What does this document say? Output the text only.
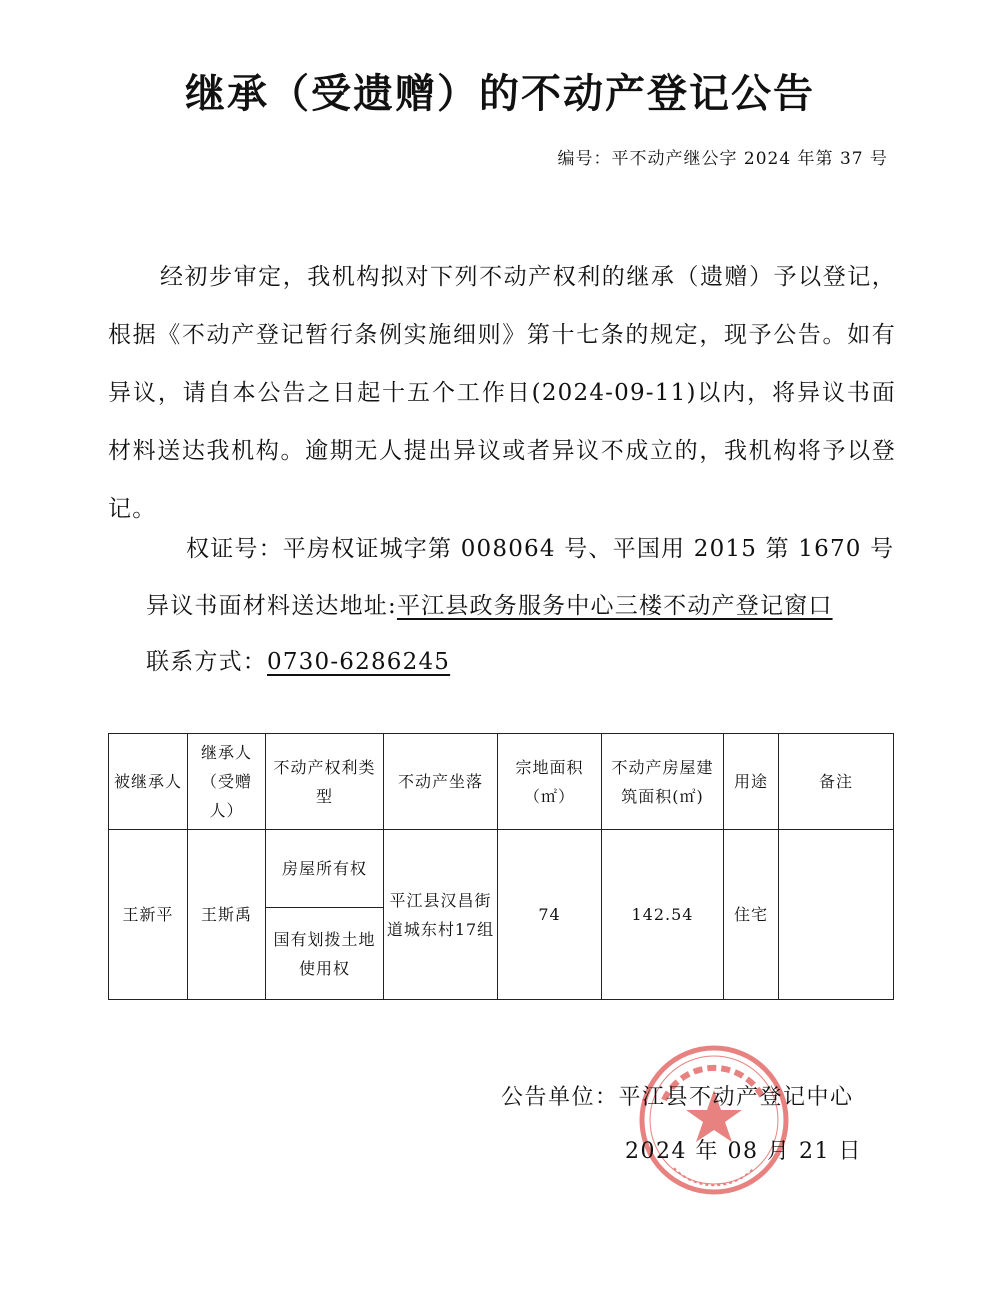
继承（受遗赠）的不动产登记公告
编号：平不动产继公字 2024 年第 37 号

经初步审定，我机构拟对下列不动产权利的继承（遗赠）予以登记，根据《不动产登记暂行条例实施细则》第十七条的规定，现予公告。如有异议，请自本公告之日起十五个工作日(2024-09-11)以内，将异议书面材料送达我机构。逾期无人提出异议或者异议不成立的，我机构将予以登记。

权证号：平房权证城字第 008064 号、平国用 2015 第 1670 号
异议书面材料送达地址:平江县政务服务中心三楼不动产登记窗口
联系方式：0730-6286245
被继承人	继承人（受赠人）	不动产权利类　型	不动产坐落	宗地面积（㎡）	不动产房屋建筑面积(㎡)	用途	备注
王新平	王斯禹	房屋所有权	平江县汉昌街道城东村17组	74	142.54	住宅	
		国有划拨土地使用权					
公告单位：平江县不动产登记中心
2024 年 08 月 21 日
